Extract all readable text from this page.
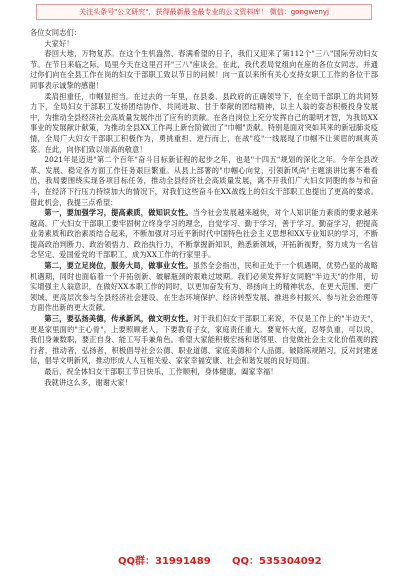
关注头条号"公文研究"，获得最新最全最专业的公文资料库！ 微信：gongwenyj

各位女同志们：

大家好！

春回大地，万物复苏。在这个生机盎然、春满希望的日子，我们又迎来了第112个"三八"国际劳动妇女节。在节日来临之际，局里今天在这里召开"三八"座谈会。在此，我代表局党组向在座的各位女同志，并通过你们向在全县工作在岗的妇女干部职工致以节日的问候！向一直以来所有关心支持女职工工作的各位干部同事表示诚挚的感谢！

柔肩担重任，巾帼显担当。在过去的一年里，在县委、县政府的正确领导下，在全局干部职工的共同努力下，全局妇女干部职工发扬团结协作、共同进取、甘于奉献的团结精神，以主人翁的姿态积极投身发展中，为推动全县经济社会高质量发展作出了应有的贡献。在各自岗位上充分发挥自己的聪明才智，为我局XX事业的发展献计献策，为推动全县XX工作再上新台阶做出了"巾帼"贡献。特别是面对突如其来的新冠肺炎疫情，全局广大妇女干部职工积极作为，勇挑重担、逆行而上，在战"疫"一线展现了巾帼不让须眉的飒爽英姿。在此，向你们致以崇高的敬意！

2021年是迈进"第二个百年"奋斗目标新征程的起步之年，也是"十四五"规划的深化之年。今年全县改革、发展、稳定各方面工作任务艰巨繁重。从县上部署的"巾帼心向党，引领新风尚"主题演讲比赛不难看出，我局要围绕实现各项目标任务，推动全县经济社会高质量发展，离不开我们广大妇女同胞的参与和奋斗，在经济下行压力持续加大的情况下，对我们这些奋斗在XX战线上的妇女干部职工也提出了更高的要求。借此机会，我提三点希望：

第一，要加强学习，提高素质，做知识女性。当今社会发展越来越快，对个人知识能力素质的要求越来越高。广大妇女干部职工要牢固树立终身学习的理念，自觉学习、勤于学习，善于学习。勤奋学习，把提高业务素质和政治素质结合起来，不断加强对习近平新时代中国特色社会主义思想和XX专业知识的学习，不断提高政治判断力、政治领悟力、政治执行力，不断掌握新知识，熟悉新领域，开拓新视野，努力成为一名信念坚定、爱国爱党的干部职工，成为XX工作的行家里手。

第二，要立足岗位，服务大局，做事业女性。虽然全会指出，民和正处于一个机遇期，优势凸显的战略机遇期，同时也面临着一个开拓创新、破解瓶颈的艰难过坡期。我们必须发挥好女同胞"半边天"的作用，切实增强主人翁意识，在做好XX本职工作的同时，以更加奋发有为、昂扬向上的精神状态，在更大范围、更广领域、更高层次参与全县经济社会建设，在生态环境保护、经济转型发展、推进乡村振兴、参与社会治理等方面作出新的更大贡献。

第三，要弘扬美德，传承新风，做文明女性。对于我们妇女干部职工来说，不仅是工作上的"半边天"，更是家里面的"主心骨"，上要照顾老人，下要教育子女，家庭责任重大。要宽怀大度，忍辱负重，可以说，我们身兼数职，要正自身、能工写手兼角色。希望大家能积极宏扬和谐邻里、自觉做社会主文化价值观的践行者，推动者，弘扬者，积极倡导社会公德、职业道德、家庭美德和个人品德，破除陈规陋习，反对封建迷信，倡导文明新风，推动形成人人互相关爱、家家幸福安康、社会和谐发展的良好局面。

最后，祝全体妇女干部职工节日快乐，工作顺利，身体健康，阖家幸福！

我就讲这么多，谢谢大家！

QQ群：31991489 QQ：535304092
